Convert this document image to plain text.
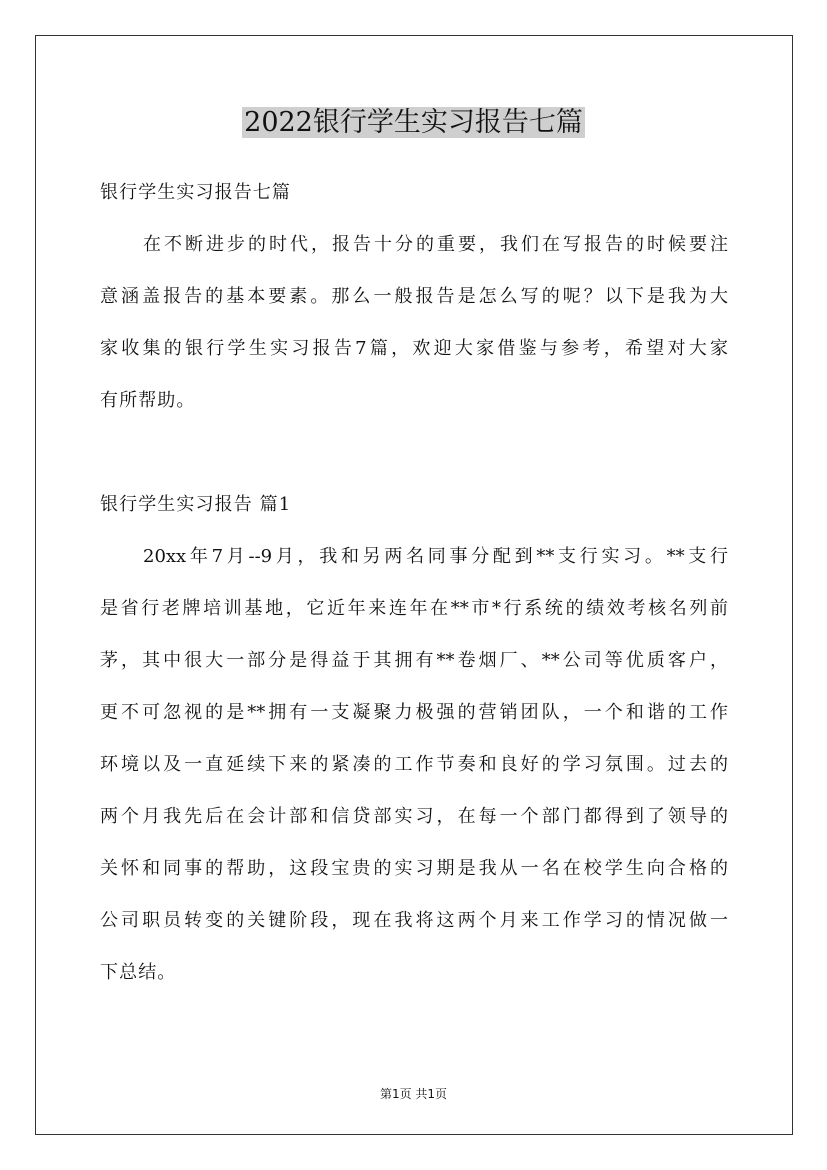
2022银行学生实习报告七篇
银行学生实习报告七篇
在不断进步的时代，报告十分的重要，我们在写报告的时候要注
意涵盖报告的基本要素。那么一般报告是怎么写的呢？以下是我为大
家收集的银行学生实习报告7篇，欢迎大家借鉴与参考，希望对大家
有所帮助。
银行学生实习报告 篇1
20xx年7月--9月，我和另两名同事分配到**支行实习。**支行
是省行老牌培训基地，它近年来连年在**市*行系统的绩效考核名列前
茅，其中很大一部分是得益于其拥有**卷烟厂、**公司等优质客户，
更不可忽视的是**拥有一支凝聚力极强的营销团队，一个和谐的工作
环境以及一直延续下来的紧凑的工作节奏和良好的学习氛围。过去的
两个月我先后在会计部和信贷部实习，在每一个部门都得到了领导的
关怀和同事的帮助，这段宝贵的实习期是我从一名在校学生向合格的
公司职员转变的关键阶段，现在我将这两个月来工作学习的情况做一
下总结。
第1页 共1页
